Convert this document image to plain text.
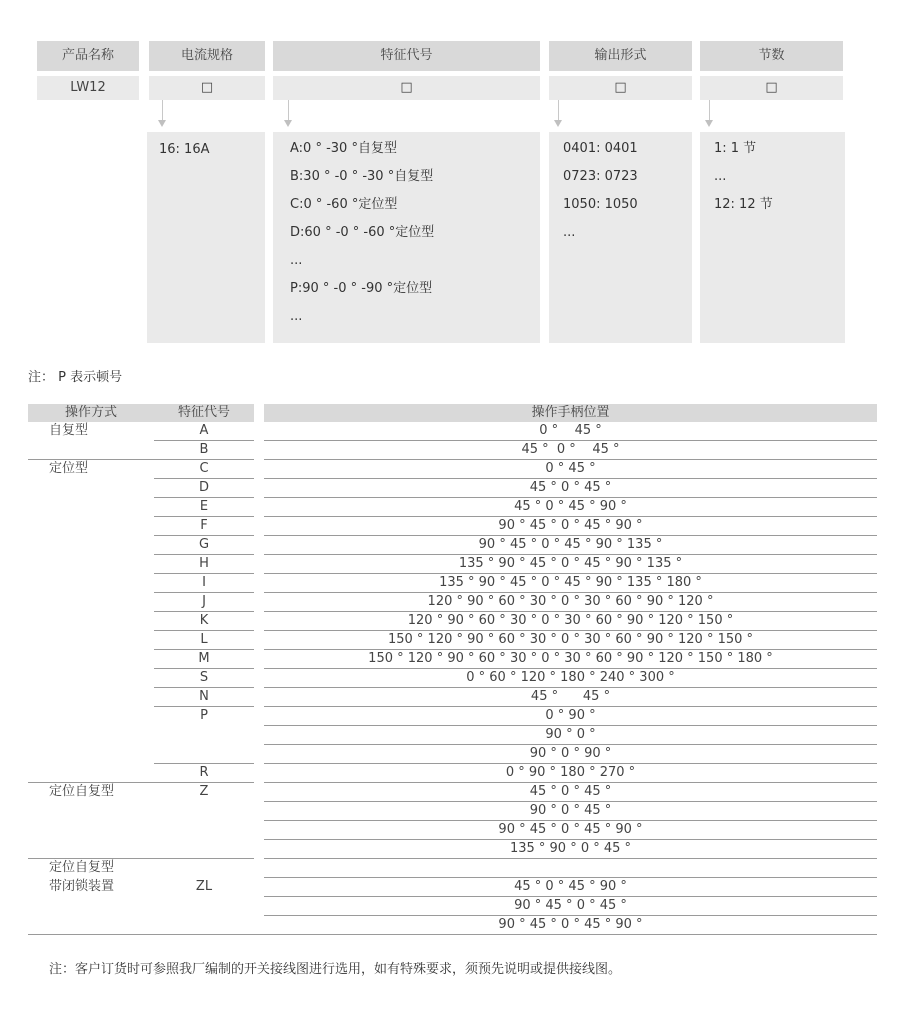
产品名称	电流规格	特征代号	输出形式	节数
LW12	□	□	□	□
16: 16A	A:0 ° -30 °自复型
B:30 ° -0 ° -30 °自复型
C:0 ° -60 °定位型
D:60 ° -0 ° -60 °定位型
...
P:90 ° -0 ° -90 °定位型
...
0401: 0401
0723: 0723
1050: 1050
...
1: 1 节
...
12: 12 节
注： P 表示顿号
操作方式	特征代号		操作手柄位置
自复型	A		0 °    45 °
	B		45 °  0 °    45 °
定位型	C		0 ° 45 °
	D		45 ° 0 ° 45 °
	E		45 ° 0 ° 45 ° 90 °
	F		90 ° 45 ° 0 ° 45 ° 90 °
	G		90 ° 45 ° 0 ° 45 ° 90 ° 135 °
	H		135 ° 90 ° 45 ° 0 ° 45 ° 90 ° 135 °
	I		135 ° 90 ° 45 ° 0 ° 45 ° 90 ° 135 ° 180 °
	J		120 ° 90 ° 60 ° 30 ° 0 ° 30 ° 60 ° 90 ° 120 °
	K		120 ° 90 ° 60 ° 30 ° 0 ° 30 ° 60 ° 90 ° 120 ° 150 °
	L		150 ° 120 ° 90 ° 60 ° 30 ° 0 ° 30 ° 60 ° 90 ° 120 ° 150 °
	M		150 ° 120 ° 90 ° 60 ° 30 ° 0 ° 30 ° 60 ° 90 ° 120 ° 150 ° 180 °
	S		0 ° 60 ° 120 ° 180 ° 240 ° 300 °
	N		45 °      45 °
	P		0 ° 90 °
			90 ° 0 °
			90 ° 0 ° 90 °
	R		0 ° 90 ° 180 ° 270 °
定位自复型	Z		45 ° 0 ° 45 °
			90 ° 0 ° 45 °
			90 ° 45 ° 0 ° 45 ° 90 °
			135 ° 90 ° 0 ° 45 °
定位自复型			
带闭锁装置	ZL		45 ° 0 ° 45 ° 90 °
			90 ° 45 ° 0 ° 45 °
			90 ° 45 ° 0 ° 45 ° 90 °
注：客户订货时可参照我厂编制的开关接线图进行选用，如有特殊要求，须预先说明或提供接线图。
